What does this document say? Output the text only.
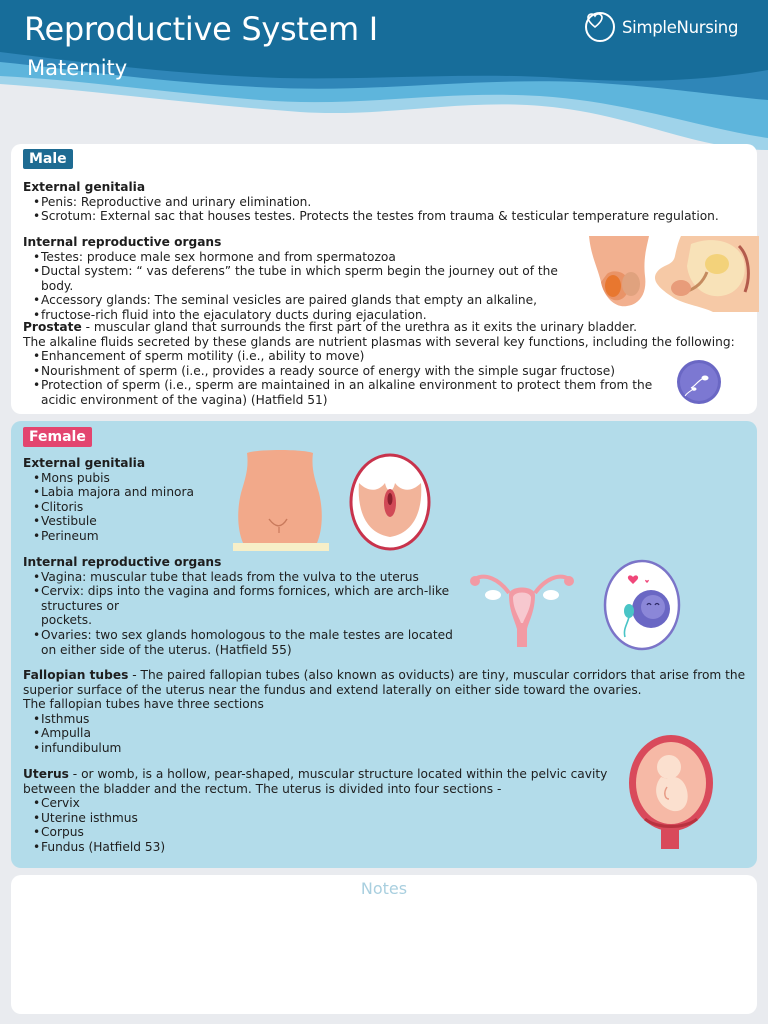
Reproductive System I
Maternity
SimpleNursing
Male
External genitalia
• Penis: Reproductive and urinary elimination.
• Scrotum: External sac that houses testes. Protects the testes from trauma & testicular temperature regulation.
Internal reproductive organs
• Testes: produce male sex hormone and from spermatozoa
• Ductal system: “ vas deferens” the tube in which sperm begin the journey out of the body.
• Accessory glands: The seminal vesicles are paired glands that empty an alkaline,
• fructose-rich fluid into the ejaculatory ducts during ejaculation.
Prostate - muscular gland that surrounds the first part of the urethra as it exits the urinary bladder.
The alkaline fluids secreted by these glands are nutrient plasmas with several key functions, including the following:
• Enhancement of sperm motility (i.e., ability to move)
• Nourishment of sperm (i.e., provides a ready source of energy with the simple sugar fructose)
• Protection of sperm (i.e., sperm are maintained in an alkaline environment to protect them from the
acidic environment of the vagina) (Hatfield 51)
Female
External genitalia
• Mons pubis
• Labia majora and minora
• Clitoris
• Vestibule
• Perineum
Internal reproductive organs
• Vagina: muscular tube that leads from the vulva to the uterus
• Cervix: dips into the vagina and forms fornices, which are arch-like
structures or
pockets.
• Ovaries: two sex glands homologous to the male testes are located
on either side of the uterus. (Hatfield 55)
Fallopian tubes - The paired fallopian tubes (also known as oviducts) are tiny, muscular corridors that arise from the
superior surface of the uterus near the fundus and extend laterally on either side toward the ovaries.
The fallopian tubes have three sections
• Isthmus
• Ampulla
• infundibulum
Uterus - or womb, is a hollow, pear-shaped, muscular structure located within the pelvic cavity
between the bladder and the rectum. The uterus is divided into four sections -
• Cervix
• Uterine isthmus
• Corpus
• Fundus (Hatfield 53)
Notes
